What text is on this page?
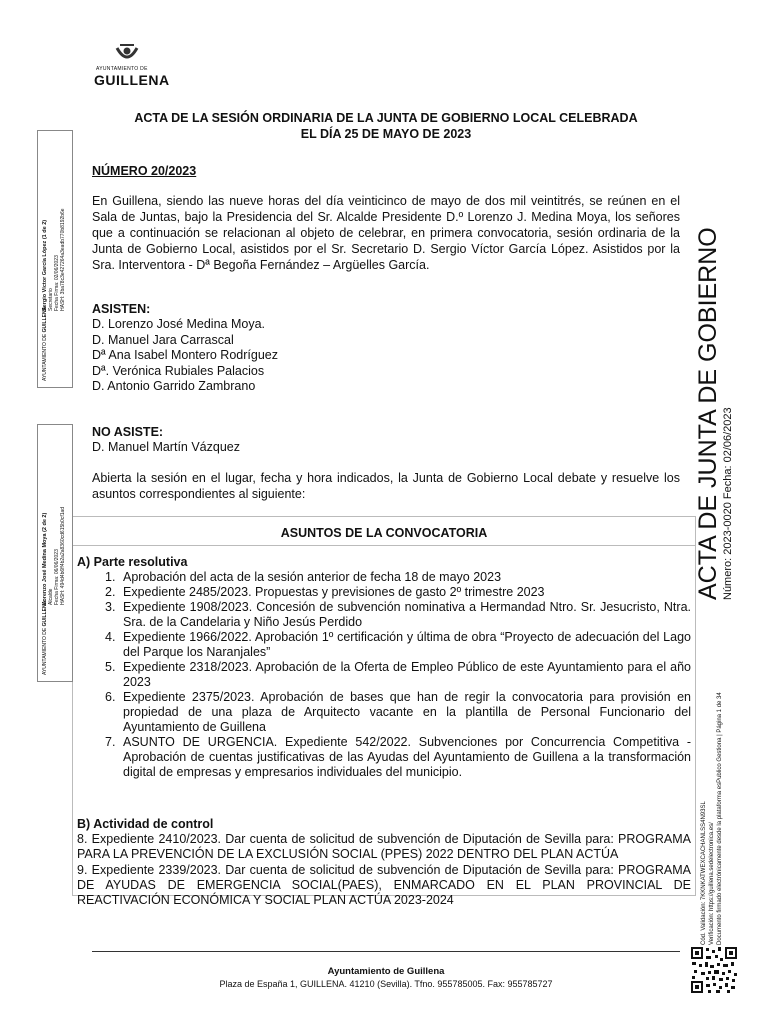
AYUNTAMIENTO DE
GUILLENA
ACTA DE LA SESIÓN ORDINARIA DE LA JUNTA DE GOBIERNO LOCAL CELEBRADA
EL DÍA 25 DE MAYO DE 2023
NÚMERO 20/2023
En Guillena, siendo las nueve horas del día veinticinco de mayo de dos mil veintitrés, se reúnen en el Sala de Juntas, bajo la Presidencia del Sr. Alcalde Presidente D.º Lorenzo J. Medina Moya, los señores que a continuación se relacionan al objeto de celebrar, en primera convocatoria, sesión ordinaria de la Junta de Gobierno Local, asistidos por el Sr. Secretario D. Sergio Víctor García López. Asistidos por la Sra. Interventora - Dª Begoña Fernández – Argüelles García.
ASISTEN:
D. Lorenzo José Medina Moya.
D. Manuel Jara Carrascal
Dª Ana Isabel Montero Rodríguez
Dª. Verónica Rubiales Palacios
D. Antonio Garrido Zambrano
NO ASISTE:
D. Manuel Martín Vázquez
Abierta la sesión en el lugar, fecha y hora indicados, la Junta de Gobierno Local debate y resuelve los asuntos correspondientes al siguiente:
ASUNTOS DE LA CONVOCATORIA
A) Parte resolutiva
1. Aprobación del acta de la sesión anterior de fecha 18 de mayo 2023
2. Expediente 2485/2023. Propuestas y previsiones de gasto 2º trimestre 2023
3. Expediente 1908/2023. Concesión de subvención nominativa a Hermandad Ntro. Sr. Jesucristo, Ntra. Sra. de la Candelaria y Niño Jesús Perdido
4. Expediente 1966/2022. Aprobación 1º certificación y última de obra “Proyecto de adecuación del Lago del Parque los Naranjales”
5. Expediente 2318/2023. Aprobación de la Oferta de Empleo Público de este Ayuntamiento para el año 2023
6. Expediente 2375/2023. Aprobación de bases que han de regir la convocatoria para provisión en propiedad de una plaza de Arquitecto vacante en la plantilla de Personal Funcionario del Ayuntamiento de Guillena
7. ASUNTO DE URGENCIA. Expediente 542/2022. Subvenciones por Concurrencia Competitiva - Aprobación de cuentas justificativas de las Ayudas del Ayuntamiento de Guillena a la transformación digital de empresas y empresarios individuales del municipio.
B) Actividad de control
8. Expediente 2410/2023. Dar cuenta de solicitud de subvención de Diputación de Sevilla para: PROGRAMA PARA LA PREVENCIÓN DE LA EXCLUSIÓN SOCIAL (PPES) 2022 DENTRO DEL PLAN ACTÚA
9. Expediente 2339/2023. Dar cuenta de solicitud de subvención de Diputación de Sevilla para: PROGRAMA DE AYUDAS DE EMERGENCIA SOCIAL(PAES), ENMARCADO EN EL PLAN PROVINCIAL DE REACTIVACIÓN ECONÓMICA Y SOCIAL PLAN ACTÚA 2023-2024
Ayuntamiento de Guillena
Plaza de España 1, GUILLENA. 41210 (Sevilla). Tfno. 955785005. Fax: 955785727
Sergio Víctor García López (1 de 2) Secretario Fecha Firma: 02/06/2023 HASH: 3ba78c3e427264a3eadb770b8192b6e
AYUNTAMIENTO DE GUILLENA
Lorenzo José Medina Moya (2 de 2) Alcalde Fecha Firma: 06/06/2023 HASH: 494d4b6ff4b2a2a8360cd615b0cf1ad
AYUNTAMIENTO DE GUILLENA
ACTA DE JUNTA DE GOBIERNO Número: 2023-0020 Fecha: 02/06/2023
Cód. Validación: 7KKNKATWEXCACHANLSS4N93SL Verificación: https://guillena.sedelectronica.es/ Documento firmado electrónicamente desde la plataforma esPublico Gestiona | Página 1 de 34
